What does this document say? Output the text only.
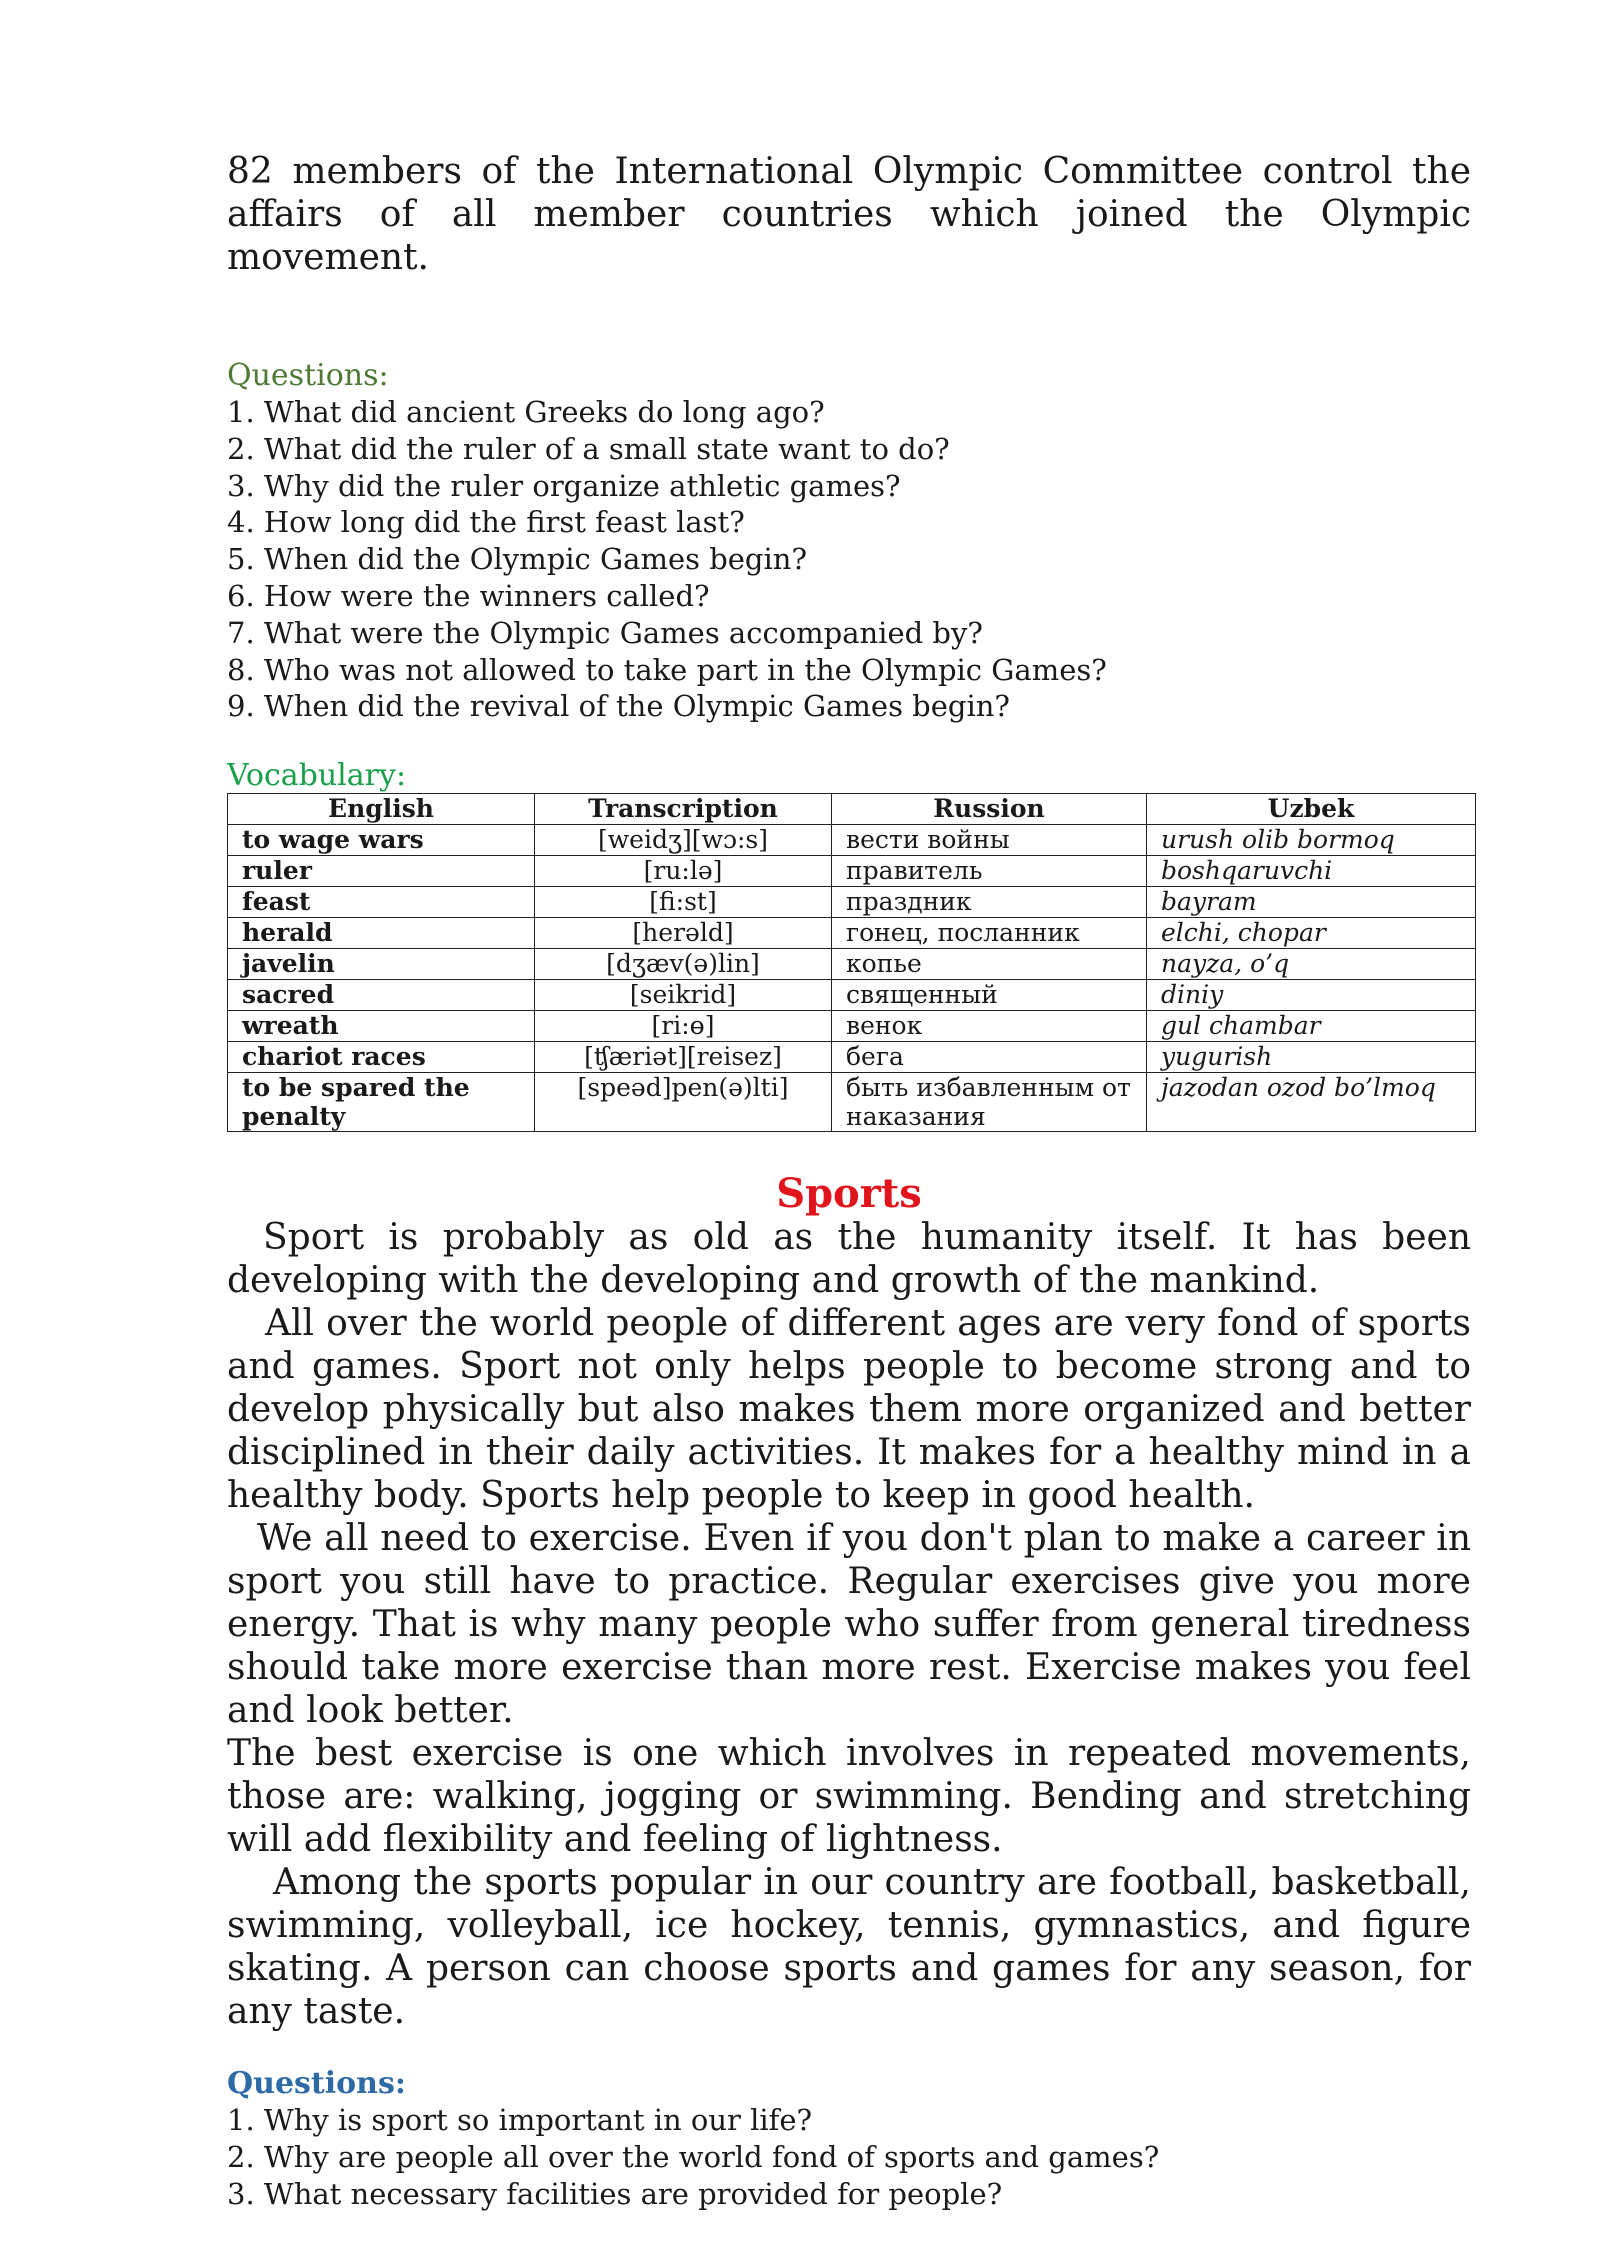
82 members of the International Olympic Committee control the affairs of all member countries which joined the Olympic movement.

Questions:

1. What did ancient Greeks do long ago?
2. What did the ruler of a small state want to do?
3. Why did the ruler organize athletic games?
4. How long did the first feast last?
5. When did the Olympic Games begin?
6. How were the winners called?
7. What were the Olympic Games accompanied by?
8. Who was not allowed to take part in the Olympic Games?
9. When did the revival of the Olympic Games begin?

Vocabulary:

English	Transcription	Russion	Uzbek
to wage wars	[weidʒ][wɔ:s]	вести войны	urush olib bormoq
ruler	[ru:lə]	правитель	boshqaruvchi
feast	[fi:st]	праздник	bayram
herald	[herəld]	гонец, посланник	elchi, chopar
javelin	[dʒæv(ə)lin]	копье	nayza, o’q
sacred	[seikrid]	священный	diniy
wreath	[ri:ɵ]	венок	gul chambar
chariot races	[ʧæriət][reisez]	бега	yugurish
to be spared the penalty	[speəd]pen(ə)lti]	быть избавленным от наказания	jazodan ozod bo’lmoq
Sports

Sport is probably as old as the humanity itself. It has been developing with the developing and growth of the mankind.

All over the world people of different ages are very fond of sports and games. Sport not only helps people to become strong and to develop physically but also makes them more organized and better disciplined in their daily activities. It makes for a healthy mind in a healthy body. Sports help people to keep in good health.

We all need to exercise. Even if you don't plan to make a career in sport you still have to practice. Regular exercises give you more energy. That is why many people who suffer from general tiredness should take more exercise than more rest. Exercise makes you feel and look better.

The best exercise is one which involves in repeated movements, those are: walking, jogging or swimming. Bending and stretching will add flexibility and feeling of lightness.

Among the sports popular in our country are football, basketball, swimming, volleyball, ice hockey, tennis, gymnastics, and figure skating. A person can choose sports and games for any season, for any taste.

Questions:

1. Why is sport so important in our life?
2. Why are people all over the world fond of sports and games?
3. What necessary facilities are provided for people?
